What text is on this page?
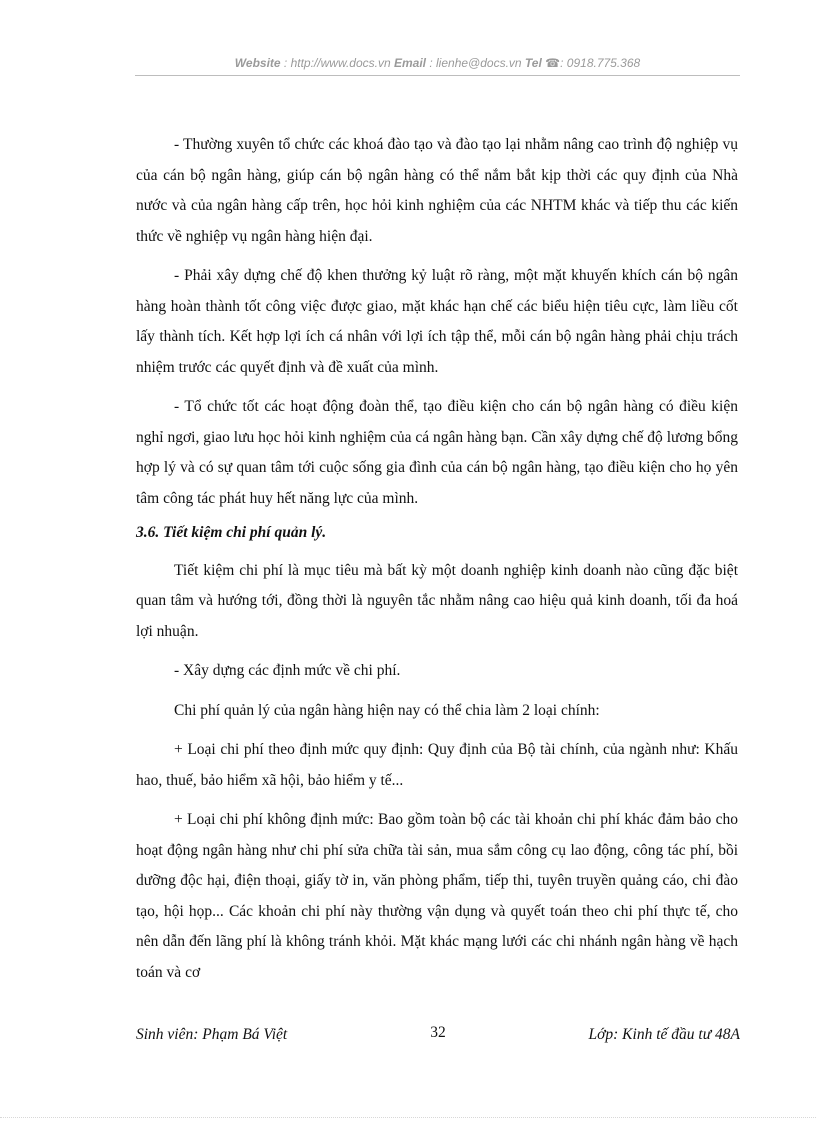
Website : http://www.docs.vn Email : lienhe@docs.vn Tel ☎: 0918.775.368

- Thường xuyên tổ chức các khoá đào tạo và đào tạo lại nhằm nâng cao trình độ nghiệp vụ của cán bộ ngân hàng, giúp cán bộ ngân hàng có thể nắm bắt kịp thời các quy định của Nhà nước và của ngân hàng cấp trên, học hỏi kinh nghiệm của các NHTM khác và tiếp thu các kiến thức về nghiệp vụ ngân hàng hiện đại.

- Phải xây dựng chế độ khen thưởng kỷ luật rõ ràng, một mặt khuyến khích cán bộ ngân hàng hoàn thành tốt công việc được giao, mặt khác hạn chế các biểu hiện tiêu cực, làm liều cốt lấy thành tích. Kết hợp lợi ích cá nhân với lợi ích tập thể, mỗi cán bộ ngân hàng phải chịu trách nhiệm trước các quyết định và đề xuất của mình.

- Tổ chức tốt các hoạt động đoàn thể, tạo điều kiện cho cán bộ ngân hàng có điều kiện nghỉ ngơi, giao lưu học hỏi kinh nghiệm của cá ngân hàng bạn. Cần xây dựng chế độ lương bổng hợp lý và có sự quan tâm tới cuộc sống gia đình của cán bộ ngân hàng, tạo điều kiện cho họ yên tâm công tác phát huy hết năng lực của mình.

3.6. Tiết kiệm chi phí quản lý.

Tiết kiệm chi phí là mục tiêu mà bất kỳ một doanh nghiệp kinh doanh nào cũng đặc biệt quan tâm và hướng tới, đồng thời là nguyên tắc nhằm nâng cao hiệu quả kinh doanh, tối đa hoá lợi nhuận.

- Xây dựng các định mức về chi phí.

Chi phí quản lý của ngân hàng hiện nay có thể chia làm 2 loại chính:

+ Loại chi phí theo định mức quy định: Quy định của Bộ tài chính, của ngành như: Khấu hao, thuế, bảo hiểm xã hội, bảo hiểm y tế...

+ Loại chi phí không định mức: Bao gồm toàn bộ các tài khoản chi phí khác đảm bảo cho hoạt động ngân hàng như chi phí sửa chữa tài sản, mua sắm công cụ lao động, công tác phí, bồi dưỡng độc hại, điện thoại, giấy tờ in, văn phòng phẩm, tiếp thi, tuyên truyền quảng cáo, chi đào tạo, hội họp... Các khoản chi phí này thường vận dụng và quyết toán theo chi phí thực tế, cho nên dẫn đến lãng phí là không tránh khỏi. Mặt khác mạng lưới các chi nhánh ngân hàng về hạch toán và cơ

Sinh viên: Phạm Bá Việt	32	Lớp: Kinh tế đầu tư 48A
